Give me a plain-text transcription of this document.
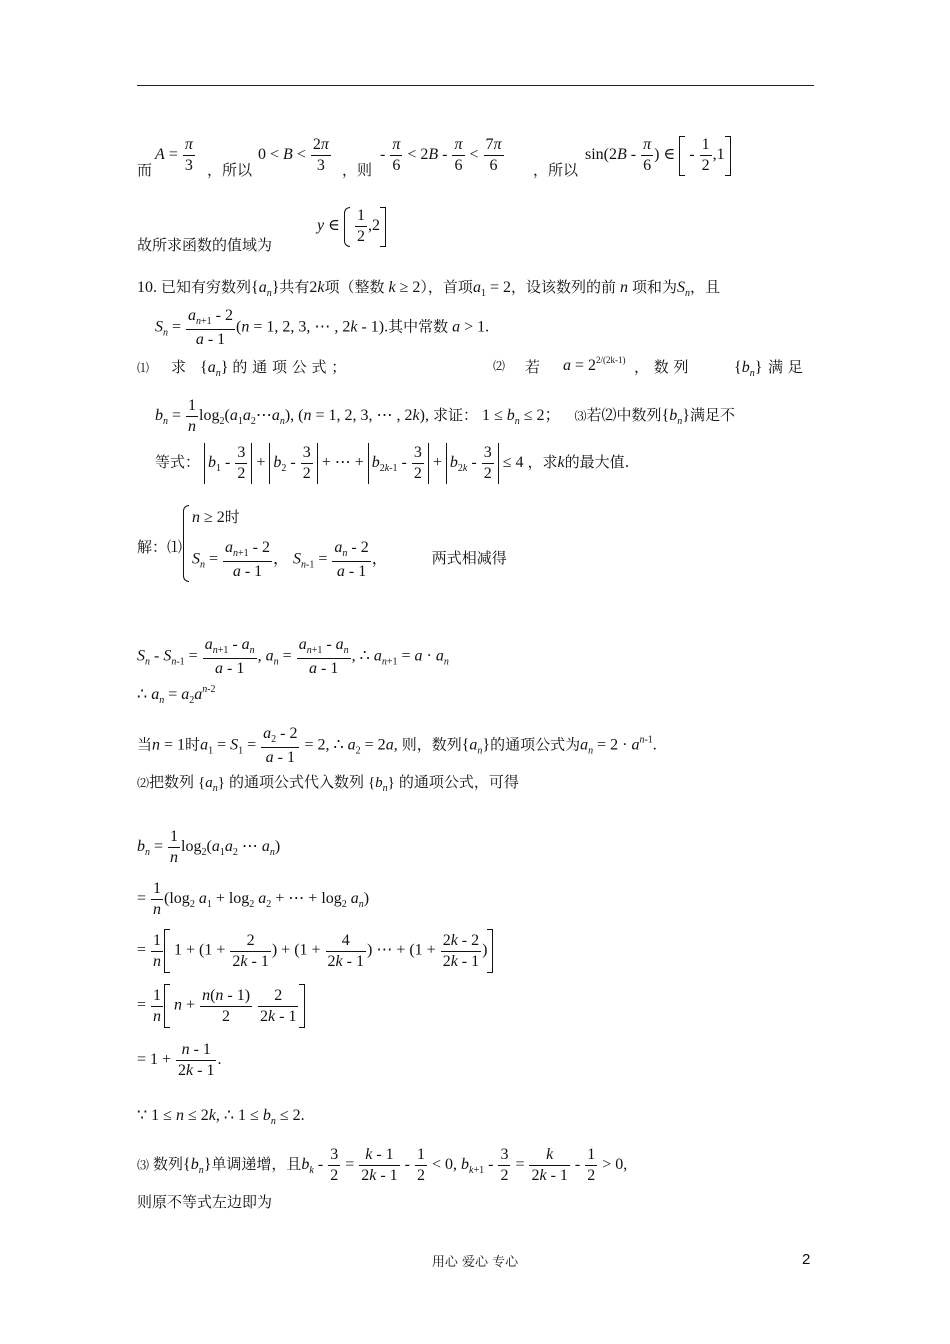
而
$A = \frac{\pi}{3}$ ，所以
$0 < B < \frac{2\pi}{3}$ ，则
- $\frac{\pi}{6} < 2B - \frac{\pi}{6} < \frac{7\pi}{6}$ ，所以
$\sin(2B - \frac{\pi}{6}$ ) ∈  - $\frac{1}{2} ,1$
故所求函数的值域为
y ∈ $\frac{1}{2} ,2$
10. 已知有穷数列$\{a_n\}$共有2k项（整数 k ≥ 2），首项$a_1 = 2$，设该数列的前 n 项和为$S_n$，且
$S_n = \frac{a_{n+1} - 2}{a - 1} (n = 1$, 2, 3, ⋯ , 2k - 1).其中常数 a > 1.
⑴ 求 $\{a_n\}$ 的 通 项 公 式 ；	⑵ 若 $a = 2^{2/(2k-1)}$ ， 数 列	$\{b_n\}$ 满 足
$b_n = \frac{1}{n}$ $\log_2(a_1a_2\cdots a_n)$, (n = 1, 2, 3, ⋯ , 2k), 求证： $1 \le b_n \le 2$； ⑶若⑵中数列$\{b_n\}$满足不
等式： $b_1 - \frac{3}{2} + b_2 - \frac{3}{2}$ + ⋯ + $b_{2k-1} - \frac{3}{2} + b_{2k} - \frac{3}{2} \le 4$ ，求k的最大值.
解：⑴
n ≥ 2时
$S_n = \frac{a_{n+1} - 2}{a - 1}$ ， $S_{n-1} = \frac{a_n - 2}{a - 1}$ ，	两式相减得
$S_n - S_{n-1} = \frac{a_{n+1} - a_n}{a - 1}$ , $a_n = \frac{a_{n+1} - a_n}{a - 1}$ , ∴ $a_{n+1} = a \cdot a_n$
∴ $a_n = a_2a^{n-2}$
当n = 1时$a_1 = S_1 = \frac{a_2 - 2}{a - 1} = 2$, ∴ $a_2 = 2a$, 则，数列$\{a_n\}$的通项公式为$a_n = 2 \cdot a^{n-1}$.
⑵把数列 $\{a_n\}$ 的通项公式代入数列 $\{b_n\}$ 的通项公式，可得
$b_n = \frac{1}{n} \log_2(a_1a_2$ ⋯ $a_n$)
= $\frac{1}{n} (\log_2$ $a_1 + \log_2 a_2$ + ⋯ + $\log_2 a_n$)
= $\frac{1}{n} 1 + (1 + \frac{2}{2k - 1}$ ) + ($1 + \frac{4}{2k - 1}$ ) ⋯ + ($1 + \frac{2k - 2}{2k - 1}$ )
= $\frac{1}{n}$ $n + \frac{n(n - 1)}{2}$
$\frac{2}{2k - 1}$
= $1 + \frac{n - 1}{2k - 1}$ .
∵ 1 ≤ n ≤ 2k, ∴ $1 \le b_n \le 2$.
⑶ 数列$\{b_n\}$单调递增，且$b_k - \frac{3}{2} = \frac{k - 1}{2k - 1} - \frac{1}{2} < 0$, $b_{k+1} - \frac{3}{2} = \frac{k}{2k - 1} - \frac{1}{2} > 0$,
则原不等式左边即为
用心 爱心 专心	2
